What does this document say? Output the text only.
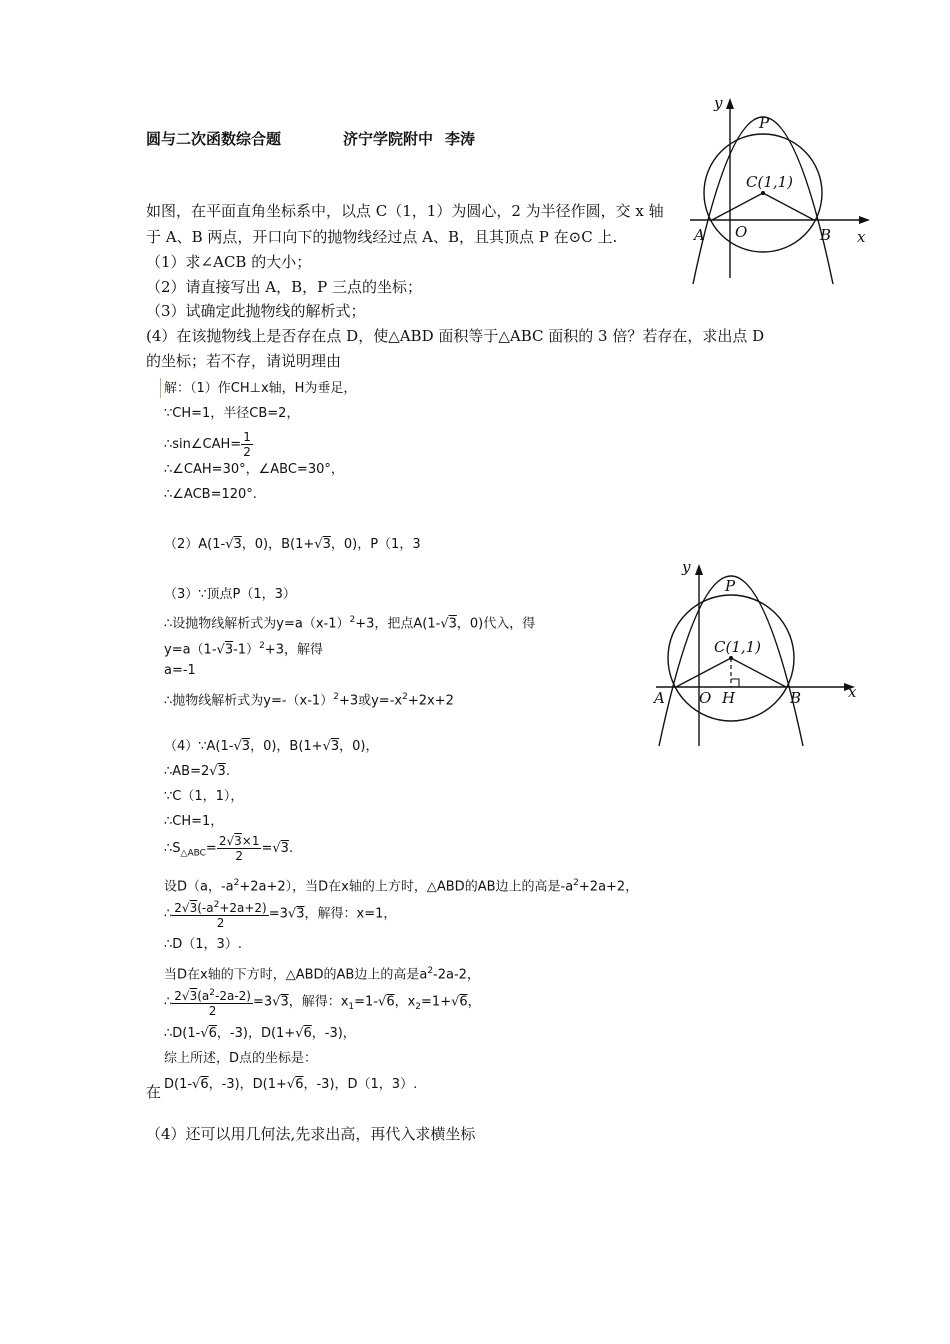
圆与二次函数综合题	济宁学院附中 李涛
如图，在平面直角坐标系中，以点 C（1，1）为圆心，2 为半径作圆，交 x 轴
于 A、B 两点，开口向下的抛物线经过点 A、B，且其顶点 P 在⊙C 上.
（1）求∠ACB 的大小；
（2）请直接写出 A，B，P 三点的坐标；
（3）试确定此抛物线的解析式；
(4）在该抛物线上是否存在点 D，使△ABD 面积等于△ABC 面积的 3 倍？若存在，求出点 D
的坐标；若不存，请说明理由
y
x
P
C(1,1)
A O	B
解：（1）作CH⊥x轴，H为垂足，
∵CH=1，半径CB=2，
∴sin∠CAH= $\frac{1}{2}$
∴∠CAH=30°，∠ABC=30°，
∴∠ACB=120°.
（2）A(1-√3，0)，B(1+√3，0)，P（1，3
（3）∵顶点P（1，3）
∴设抛物线解析式为$y=a(x-1)^2+3$，把点A(1-√3，0)代入，得
$y=a(1-√3-1)^2+3$，解得
a=-1
∴抛物线解析式为$y=-(x-1)^2+3$或$y=-x^2+2x+2$
y
x
P
C(1,1)
A O H	B
（4）∵A(1-√3，0)，B(1+√3，0)，
∴AB=2√3.
∵C（1，1），
∴CH=1，
$\therefore S_{\triangle ABC}= \frac{2√3\times 1}{2} =√3$.
设D（a，$-a^2+2a+2$），当D在x轴的上方时，△ABD的AB边上的高是$-a^2+2a+2$，
∴ $\frac{2√3(-a^2+2a+2)}{2} =3√3$，解得：x=1，
∴D（1，3）.
当D在x轴的下方时，△ABD的AB边上的高是$a^2-2a-2$，
∴ $\frac{2√3(a^2-2a-2)}{2} =3√3$，解得：$x_1=1-√6$，$x_2=1+√6$，
∴D(1-√6，-3)，D(1+√6，-3)，
综上所述，D点的坐标是：
在 D(1-√6，-3)，D(1+√6，-3)，D（1，3）.
（4）还可以用几何法,先求出高，再代入求横坐标
